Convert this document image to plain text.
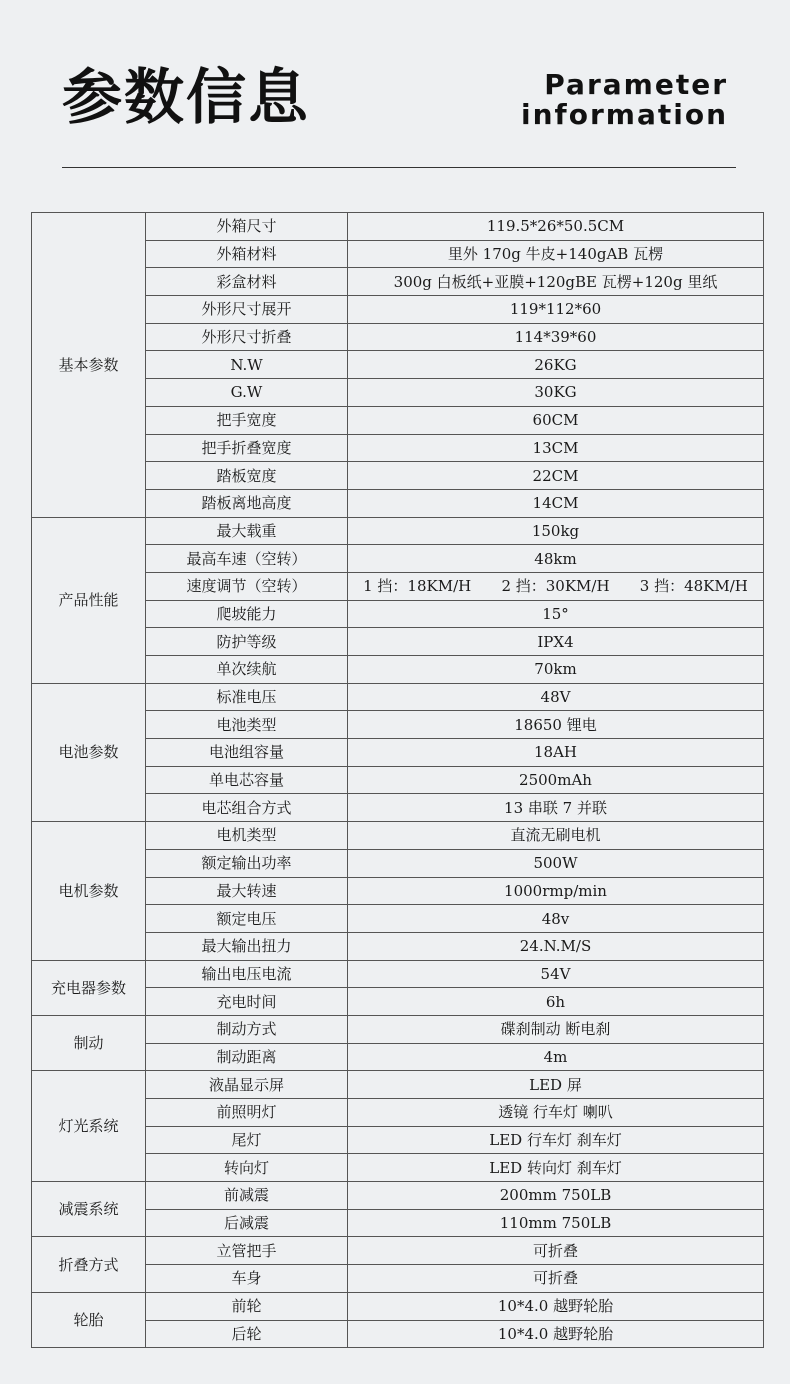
参数信息	Parameter
information
基本参数	外箱尺寸	119.5*26*50.5CM
	外箱材料	里外 170g 牛皮+140gAB 瓦楞
	彩盒材料	300g 白板纸+亚膜+120gBE 瓦楞+120g 里纸
	外形尺寸展开	119*112*60
	外形尺寸折叠	114*39*60
	N.W	26KG
	G.W	30KG
	把手宽度	60CM
	把手折叠宽度	13CM
	踏板宽度	22CM
	踏板离地高度	14CM
产品性能	最大载重	150kg
	最高车速（空转）	48km
	速度调节（空转）	1 挡：18KM/H 2 挡：30KM/H 3 挡：48KM/H

	爬坡能力	15°
	防护等级	IPX4
	单次续航	70km
电池参数	标准电压	48V
	电池类型	18650 锂电
	电池组容量	18AH
	单电芯容量	2500mAh
	电芯组合方式	13 串联 7 并联
电机参数	电机类型	直流无刷电机
	额定输出功率	500W
	最大转速	1000rmp/min
	额定电压	48v
	最大输出扭力	24.N.M/S
充电器参数	输出电压电流	54V
	充电时间	6h
制动	制动方式	碟刹制动 断电刹
	制动距离	4m
灯光系统	液晶显示屏	LED 屏
	前照明灯	透镜 行车灯 喇叭
	尾灯	LED 行车灯 刹车灯
	转向灯	LED 转向灯 刹车灯
减震系统	前减震	200mm 750LB
	后减震	110mm 750LB
折叠方式	立管把手	可折叠
	车身	可折叠
轮胎	前轮	10*4.0 越野轮胎
	后轮	10*4.0 越野轮胎
